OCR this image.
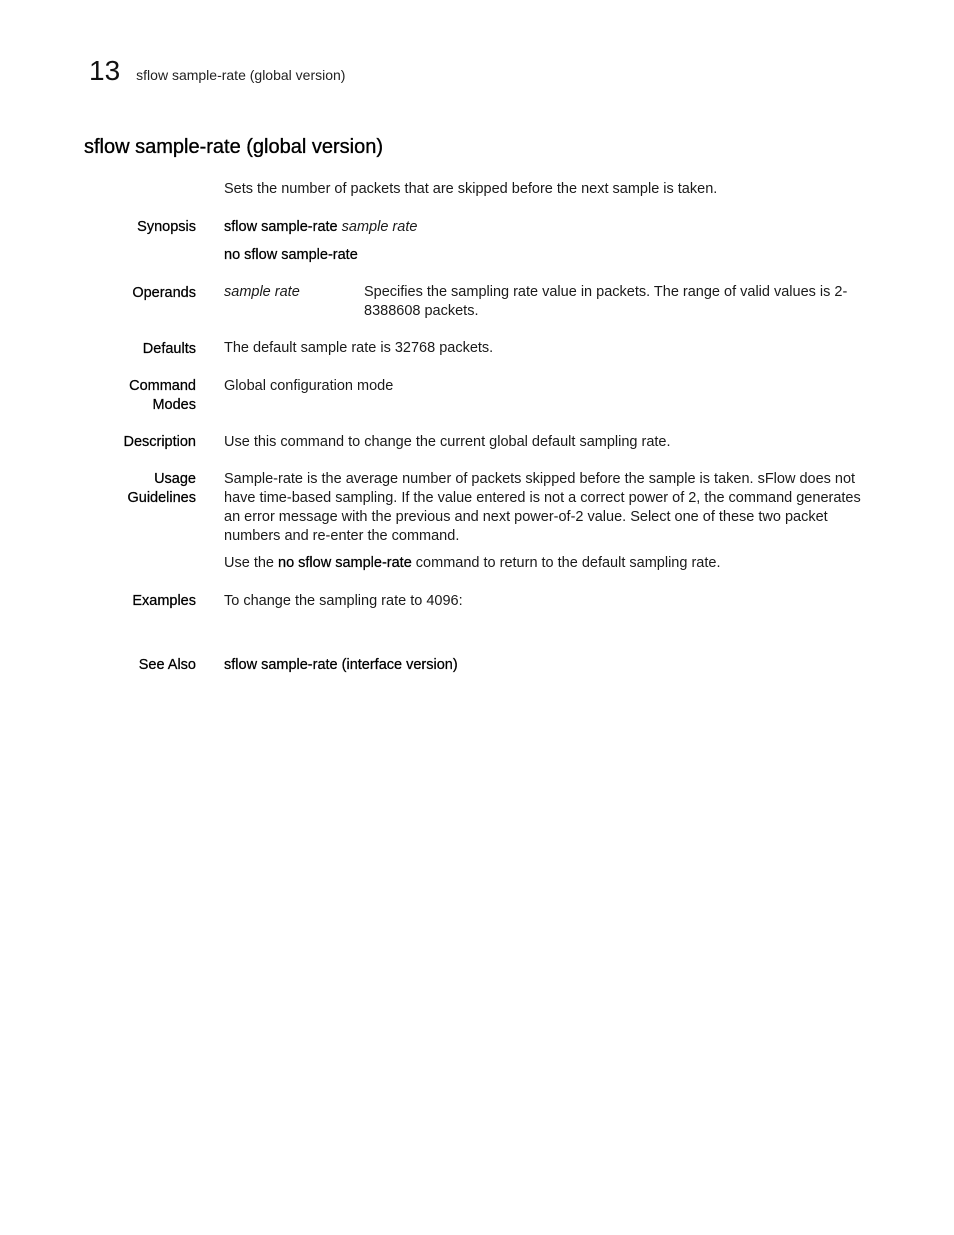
13 sflow sample-rate (global version)
sflow sample-rate (global version)

Sets the number of packets that are skipped before the next sample is taken.

Synopsis sflow sample-rate sample rate

no sflow sample-rate

Operands sample rate	Specifies the sampling rate value in packets. The range of valid values is 2-8388608 packets.

Defaults The default sample rate is 32768 packets.

Command
Modes

Global configuration mode

Description Use this command to change the current global default sampling rate.

Usage
Guidelines

Sample-rate is the average number of packets skipped before the sample is taken. sFlow does not have time-based sampling. If the value entered is not a correct power of 2, the command generates an error message with the previous and next power-of-2 value. Select one of these two packet numbers and re-enter the command.

Use the no sflow sample-rate command to return to the default sampling rate.

Examples To change the sampling rate to 4096:

See Also sflow sample-rate (interface version)
